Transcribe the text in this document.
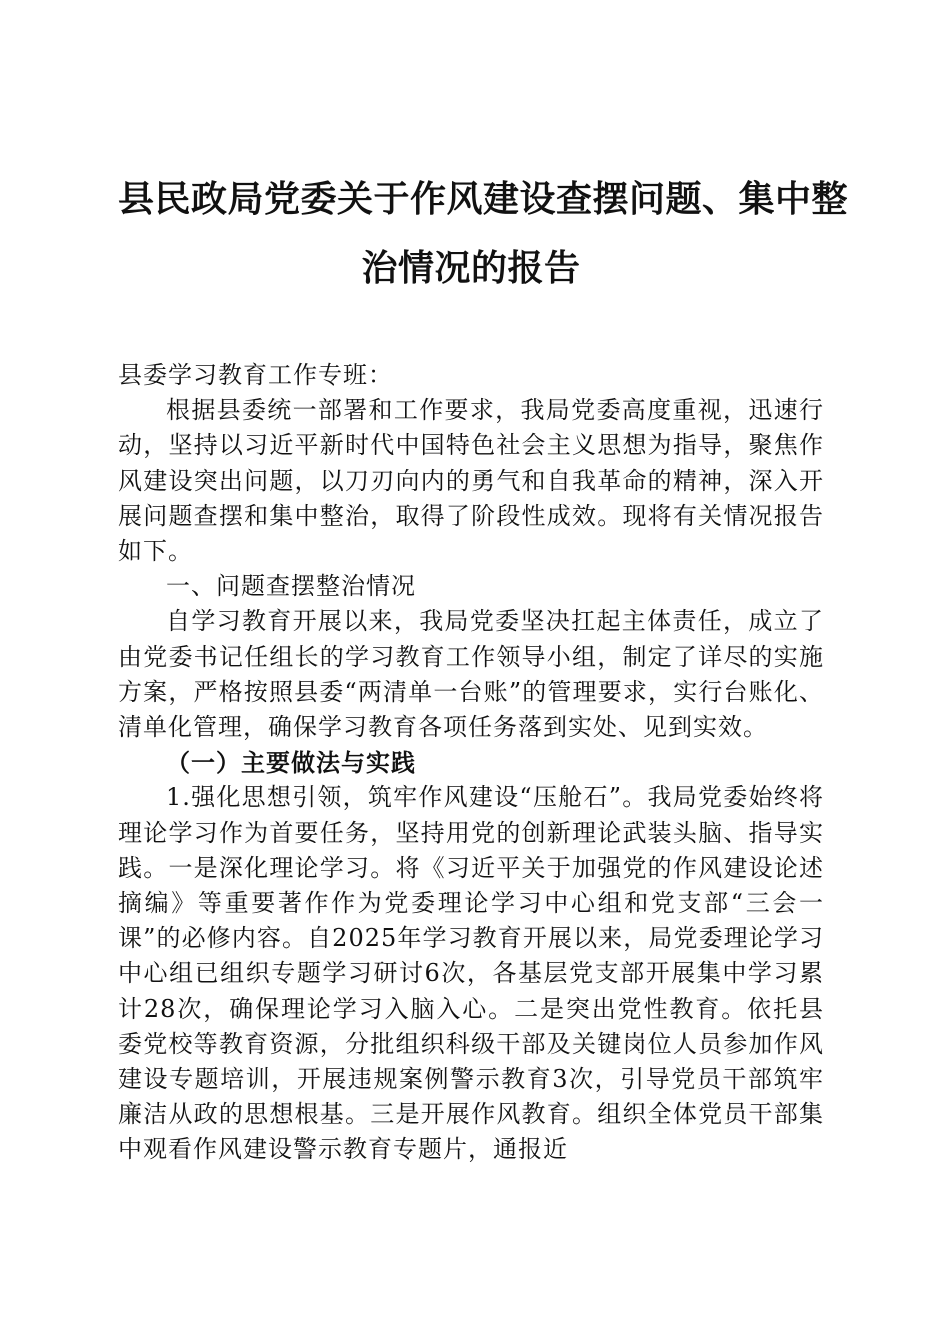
县民政局党委关于作风建设查摆问题、集中整
治情况的报告

县委学习教育工作专班：

根据县委统一部署和工作要求，我局党委高度重视，迅速行动，坚持以习近平新时代中国特色社会主义思想为指导，聚焦作风建设突出问题，以刀刃向内的勇气和自我革命的精神，深入开展问题查摆和集中整治，取得了阶段性成效。现将有关情况报告如下。

一、问题查摆整治情况

自学习教育开展以来，我局党委坚决扛起主体责任，成立了由党委书记任组长的学习教育工作领导小组，制定了详尽的实施方案，严格按照县委“两清单一台账”的管理要求，实行台账化、清单化管理，确保学习教育各项任务落到实处、见到实效。

（一）主要做法与实践

1.强化思想引领，筑牢作风建设“压舱石”。我局党委始终将理论学习作为首要任务，坚持用党的创新理论武装头脑、指导实践。一是深化理论学习。将《习近平关于加强党的作风建设论述摘编》等重要著作作为党委理论学习中心组和党支部“三会一课”的必修内容。自2025年学习教育开展以来，局党委理论学习中心组已组织专题学习研讨6次，各基层党支部开展集中学习累计28次，确保理论学习入脑入心。二是突出党性教育。依托县委党校等教育资源，分批组织科级干部及关键岗位人员参加作风建设专题培训，开展违规案例警示教育3次，引导党员干部筑牢廉洁从政的思想根基。三是开展作风教育。组织全体党员干部集中观看作风建设警示教育专题片，通报近
